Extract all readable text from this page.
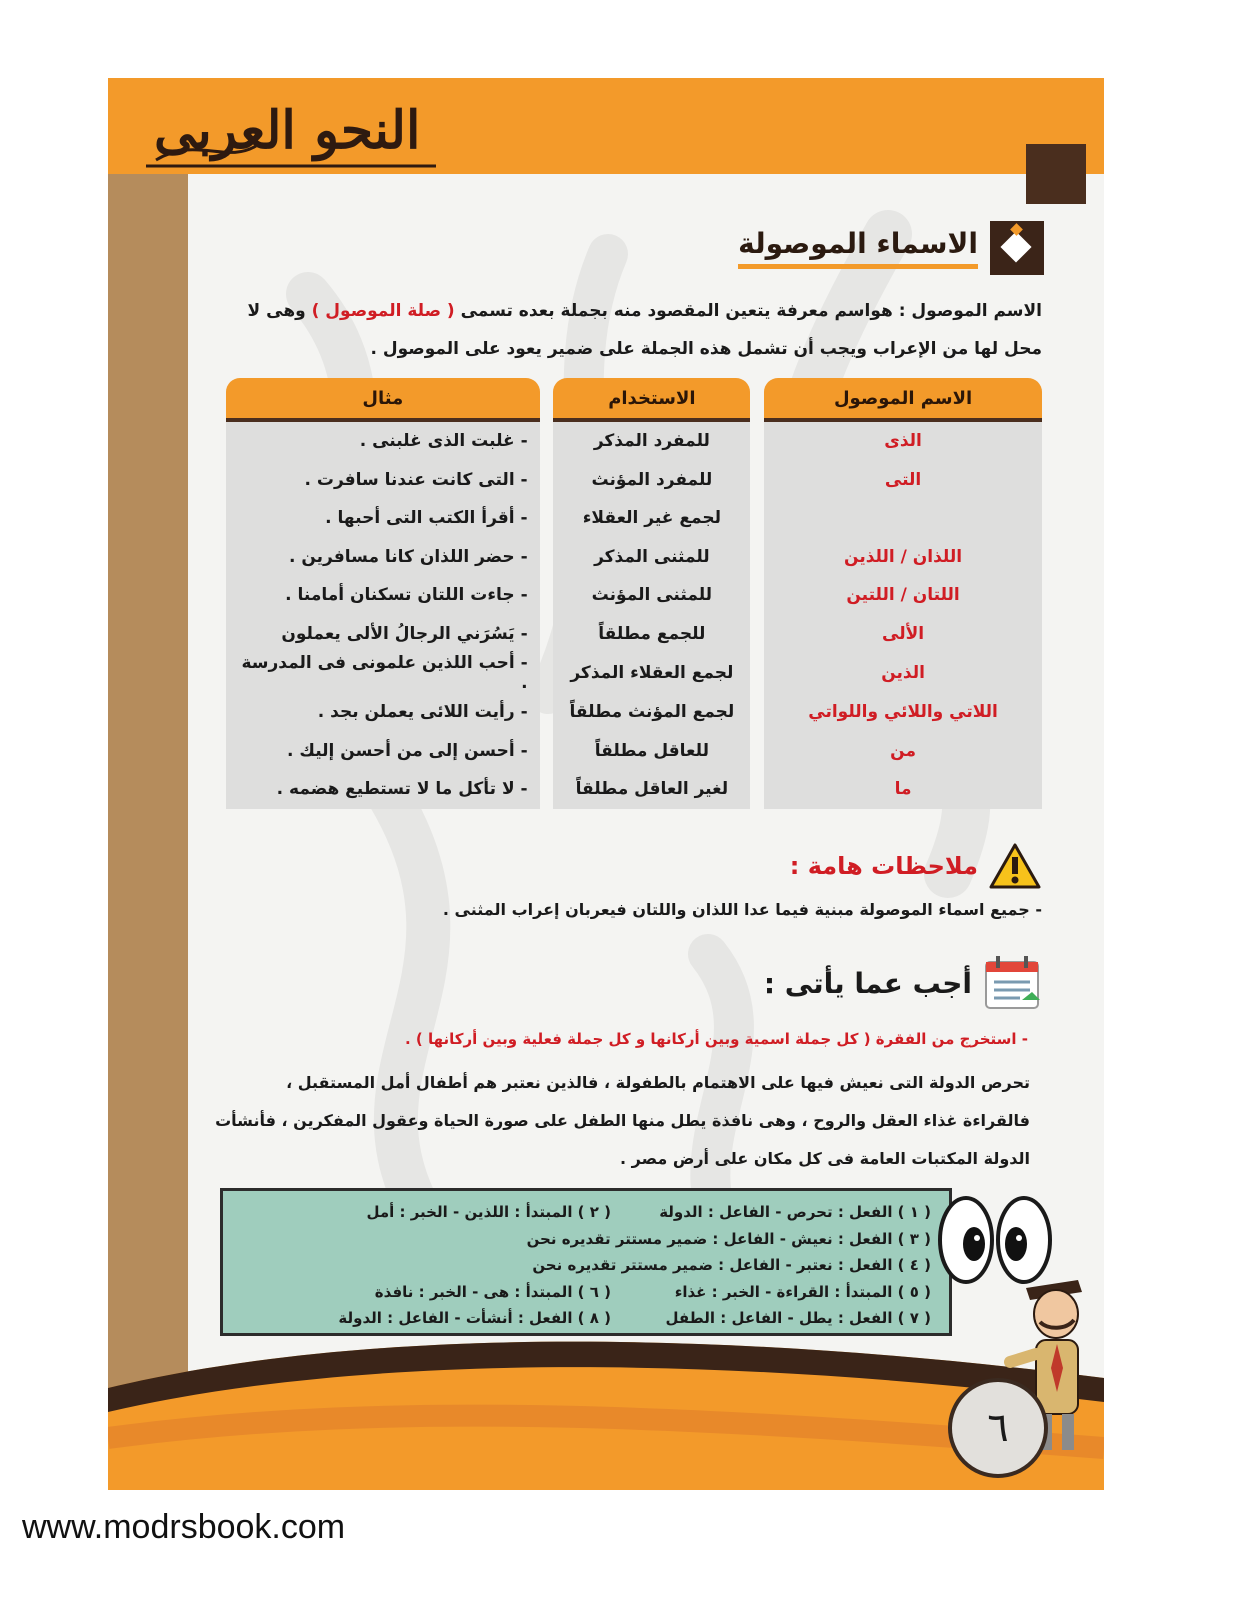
النحو العربى
الاسماء الموصولة
الاسم الموصول : هواسم معرفة يتعين المقصود منه بجملة بعده تسمى ( صلة الموصول ) وهى لا محل لها من الإعراب ويجب أن تشمل هذه الجملة على ضمير يعود على الموصول .
الاسم الموصول		الاستخدام		مثال
الذى		للمفرد المذكر		- غلبت الذى غلبنى .
التى		للمفرد المؤنث		- التى كانت عندنا سافرت .
		لجمع غير العقلاء		- أقرأ الكتب التى أحبها .
اللذان / اللذين		للمثنى المذكر		- حضر اللذان كانا مسافرين .
اللتان / اللتين		للمثنى المؤنث		- جاءت اللتان تسكنان أمامنا .
الألى		للجمع مطلقاً		- يَسُرَني الرجالُ الألى يعملون
الذين		لجمع العقلاء المذكر		- أحب اللذين علمونى فى المدرسة .
اللاتي واللائي واللواتي		لجمع المؤنث مطلقاً		- رأيت اللائى يعملن بجد .
من		للعاقل مطلقاً		- أحسن إلى من أحسن إليك .
ما		لغير العاقل مطلقاً		- لا تأكل ما لا تستطيع هضمه .
ملاحظات هامة :
- جميع اسماء الموصولة مبنية فيما عدا اللذان واللتان فيعربان إعراب المثنى .
أجب عما يأتى :
- استخرج من الفقرة ( كل جملة اسمية وبين أركانها و كل جملة فعلية وبين أركانها ) .
تحرص الدولة التى نعيش فيها على الاهتمام بالطفولة ، فالذين نعتبر هم أطفال أمل المستقبل ،
فالقراءة غذاء العقل والروح ، وهى نافذة يطل منها الطفل على صورة الحياة وعقول المفكرين ، فأنشأت
الدولة المكتبات العامة فى كل مكان على أرض مصر .
( ١ ) الفعل : تحرص - الفاعل : الدولة
( ٢ ) المبتدأ : اللذين - الخبر : أمل
( ٣ ) الفعل : نعيش - الفاعل : ضمير مستتر تقديره نحن
( ٤ ) الفعل : نعتبر - الفاعل : ضمير مستتر تقديره نحن
( ٥ ) المبتدأ : القراءة - الخبر : غذاء
( ٦ ) المبتدأ : هى - الخبر : نافذة
( ٧ ) الفعل : يطل - الفاعل : الطفل
( ٨ ) الفعل : أنشأت - الفاعل : الدولة
٦
www.modrsbook.com
